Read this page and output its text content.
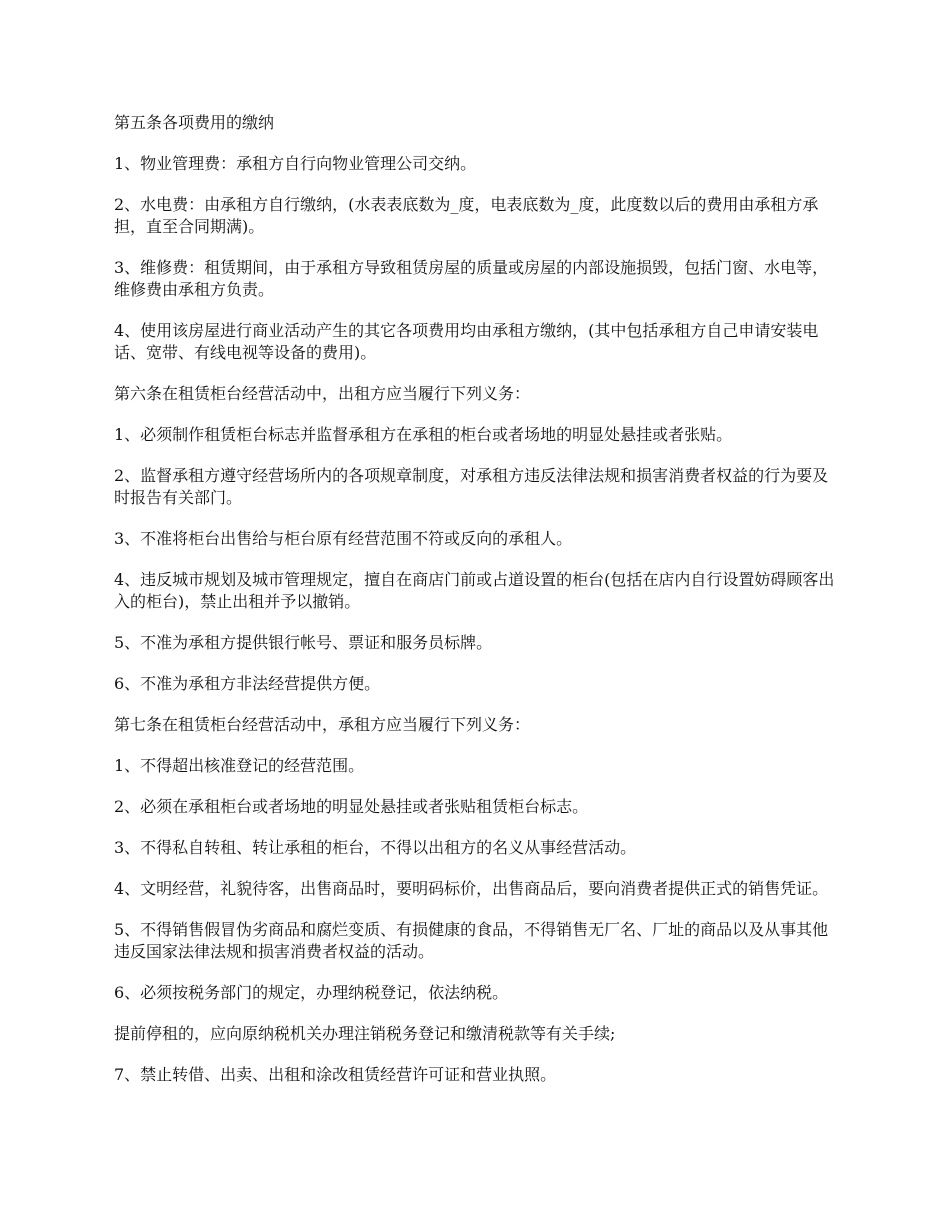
第五条各项费用的缴纳

1、物业管理费：承租方自行向物业管理公司交纳。

2、水电费：由承租方自行缴纳，(水表表底数为_度，电表底数为_度，此度数以后的费用由承租方承担，直至合同期满)。

3、维修费：租赁期间，由于承租方导致租赁房屋的质量或房屋的内部设施损毁，包括门窗、水电等，维修费由承租方负责。

4、使用该房屋进行商业活动产生的其它各项费用均由承租方缴纳，(其中包括承租方自己申请安装电话、宽带、有线电视等设备的费用)。

第六条在租赁柜台经营活动中，出租方应当履行下列义务：

1、必须制作租赁柜台标志并监督承租方在承租的柜台或者场地的明显处悬挂或者张贴。

2、监督承租方遵守经营场所内的各项规章制度，对承租方违反法律法规和损害消费者权益的行为要及时报告有关部门。

3、不准将柜台出售给与柜台原有经营范围不符或反向的承租人。

4、违反城市规划及城市管理规定，擅自在商店门前或占道设置的柜台(包括在店内自行设置妨碍顾客出入的柜台)，禁止出租并予以撤销。

5、不准为承租方提供银行帐号、票证和服务员标牌。

6、不准为承租方非法经营提供方便。

第七条在租赁柜台经营活动中，承租方应当履行下列义务：

1、不得超出核准登记的经营范围。

2、必须在承租柜台或者场地的明显处悬挂或者张贴租赁柜台标志。

3、不得私自转租、转让承租的柜台，不得以出租方的名义从事经营活动。

4、文明经营，礼貌待客，出售商品时，要明码标价，出售商品后，要向消费者提供正式的销售凭证。

5、不得销售假冒伪劣商品和腐烂变质、有损健康的食品，不得销售无厂名、厂址的商品以及从事其他违反国家法律法规和损害消费者权益的活动。

6、必须按税务部门的规定，办理纳税登记，依法纳税。

提前停租的，应向原纳税机关办理注销税务登记和缴清税款等有关手续;

7、禁止转借、出卖、出租和涂改租赁经营许可证和营业执照。
